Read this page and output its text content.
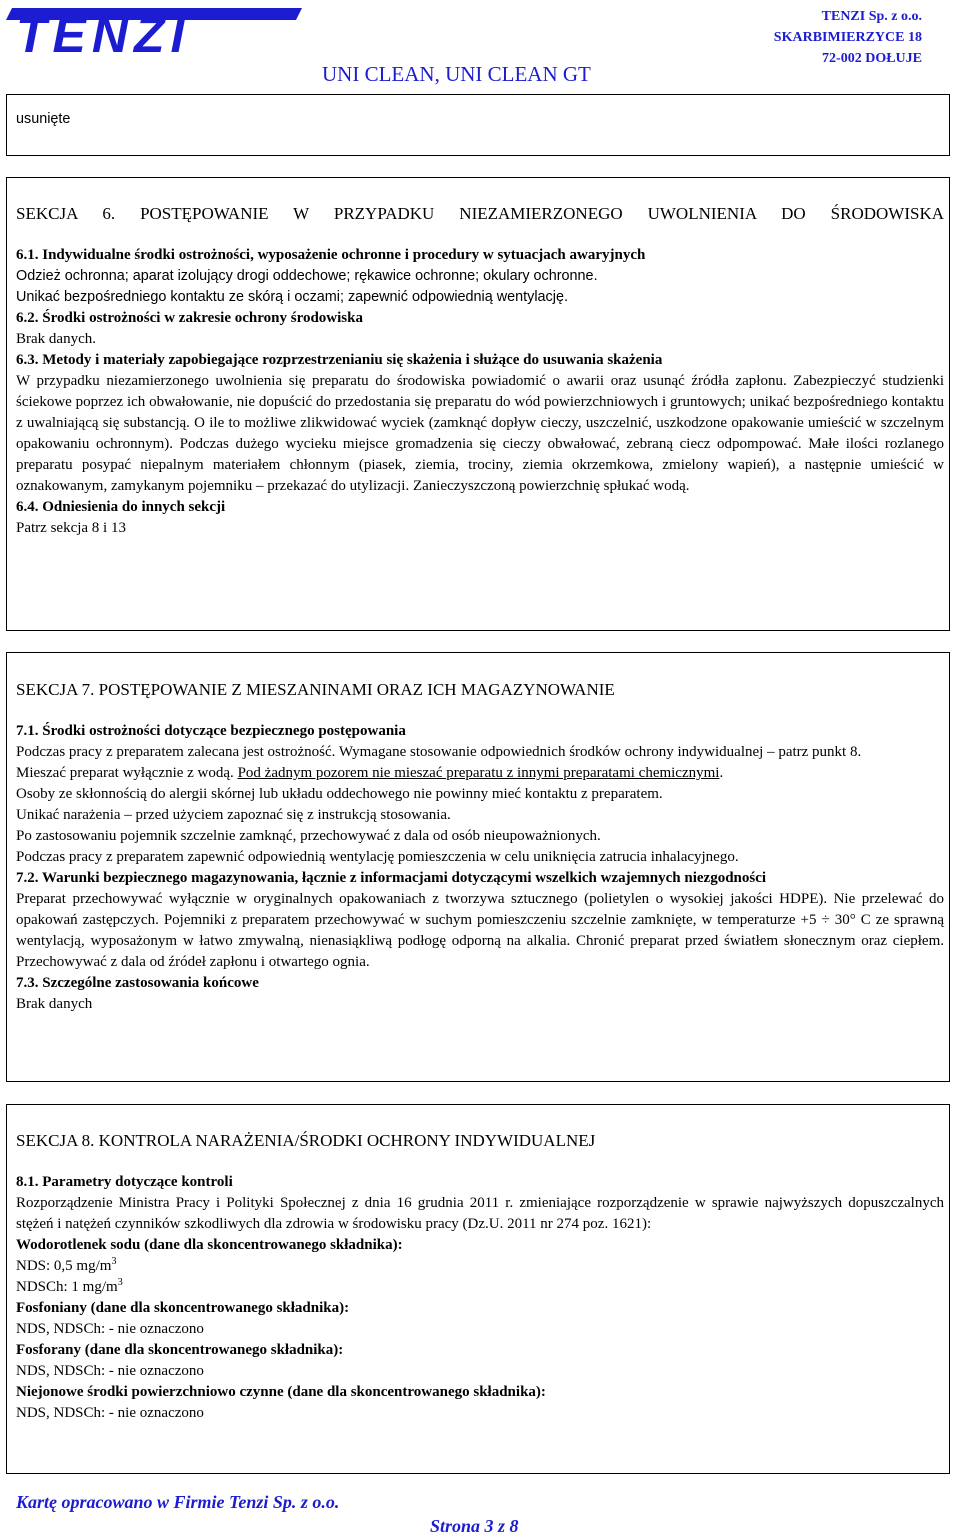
TENZI	TENZI Sp. z o.o.
SKARBIMIERZYCE 18
72-002 DOŁUJE
UNI CLEAN, UNI CLEAN GT
usunięte

SEKCJA 6. POSTĘPOWANIE W PRZYPADKU NIEZAMIERZONEGO UWOLNIENIA DO ŚRODOWISKA

6.1. Indywidualne środki ostrożności, wyposażenie ochronne i procedury w sytuacjach awaryjnych

Odzież ochronna; aparat izolujący drogi oddechowe; rękawice ochronne; okulary ochronne.

Unikać bezpośredniego kontaktu ze skórą i oczami; zapewnić odpowiednią wentylację.

6.2. Środki ostrożności w zakresie ochrony środowiska

Brak danych.

6.3. Metody i materiały zapobiegające rozprzestrzenianiu się skażenia i służące do usuwania skażenia

W przypadku niezamierzonego uwolnienia się preparatu do środowiska powiadomić o awarii oraz usunąć źródła zapłonu. Zabezpieczyć studzienki ściekowe poprzez ich obwałowanie, nie dopuścić do przedostania się preparatu do wód powierzchniowych i gruntowych; unikać bezpośredniego kontaktu z uwalniającą się substancją. O ile to możliwe zlikwidować wyciek (zamknąć dopływ cieczy, uszczelnić, uszkodzone opakowanie umieścić w szczelnym opakowaniu ochronnym). Podczas dużego wycieku miejsce gromadzenia się cieczy obwałować, zebraną ciecz odpompować. Małe ilości rozlanego preparatu posypać niepalnym materiałem chłonnym (piasek, ziemia, trociny, ziemia okrzemkowa, zmielony wapień), a następnie umieścić w oznakowanym, zamykanym pojemniku – przekazać do utylizacji. Zanieczyszczoną powierzchnię spłukać wodą.

6.4. Odniesienia do innych sekcji

Patrz sekcja 8 i 13

SEKCJA 7. POSTĘPOWANIE Z MIESZANINAMI ORAZ ICH MAGAZYNOWANIE

7.1. Środki ostrożności dotyczące bezpiecznego postępowania

Podczas pracy z preparatem zalecana jest ostrożność. Wymagane stosowanie odpowiednich środków ochrony indywidualnej – patrz punkt 8.

Mieszać preparat wyłącznie z wodą. Pod żadnym pozorem nie mieszać preparatu z innymi preparatami chemicznymi.

Osoby ze skłonnością do alergii skórnej lub układu oddechowego nie powinny mieć kontaktu z preparatem.

Unikać narażenia – przed użyciem zapoznać się z instrukcją stosowania.

Po zastosowaniu pojemnik szczelnie zamknąć, przechowywać z dala od osób nieupoważnionych.

Podczas pracy z preparatem zapewnić odpowiednią wentylację pomieszczenia w celu uniknięcia zatrucia inhalacyjnego.

7.2. Warunki bezpiecznego magazynowania, łącznie z informacjami dotyczącymi wszelkich wzajemnych niezgodności

Preparat przechowywać wyłącznie w oryginalnych opakowaniach z tworzywa sztucznego (polietylen o wysokiej jakości HDPE). Nie przelewać do opakowań zastępczych. Pojemniki z preparatem przechowywać w suchym pomieszczeniu szczelnie zamknięte, w temperaturze +5 ÷ 30° C ze sprawną wentylacją, wyposażonym w łatwo zmywalną, nienasiąkliwą podłogę odporną na alkalia. Chronić preparat przed światłem słonecznym oraz ciepłem. Przechowywać z dala od źródeł zapłonu i otwartego ognia.

7.3. Szczególne zastosowania końcowe

Brak danych

SEKCJA 8. KONTROLA NARAŻENIA/ŚRODKI OCHRONY INDYWIDUALNEJ

8.1. Parametry dotyczące kontroli

Rozporządzenie Ministra Pracy i Polityki Społecznej z dnia 16 grudnia 2011 r. zmieniające rozporządzenie w sprawie najwyższych dopuszczalnych stężeń i natężeń czynników szkodliwych dla zdrowia w środowisku pracy (Dz.U. 2011 nr 274 poz. 1621):

Wodorotlenek sodu (dane dla skoncentrowanego składnika):

NDS: 0,5 $mg/m^3$

NDSCh: 1 $mg/m^3$

Fosfoniany (dane dla skoncentrowanego składnika):

NDS, NDSCh: - nie oznaczono

Fosforany (dane dla skoncentrowanego składnika):

NDS, NDSCh: - nie oznaczono

Niejonowe środki powierzchniowo czynne (dane dla skoncentrowanego składnika):

NDS, NDSCh: - nie oznaczono

Kartę opracowano w Firmie Tenzi Sp. z o.o.
Strona 3 z 8
